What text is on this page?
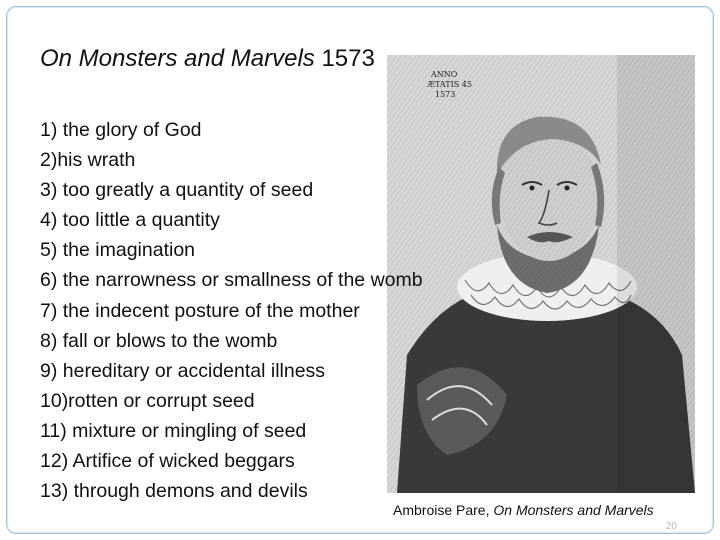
ANNO
ÆTATIS 45
1573
On Monsters and Marvels 1573
1) the glory of God
2)his wrath
3) too greatly a quantity of seed
4) too little a quantity
5) the imagination
6) the narrowness or smallness of the womb
7) the indecent posture of the mother
8) fall or blows to the womb
9) hereditary or accidental illness
10)rotten or corrupt seed
11) mixture or mingling of seed
12) Artifice of wicked beggars
13) through demons and devils
Ambroise Pare, On Monsters and Marvels
20
